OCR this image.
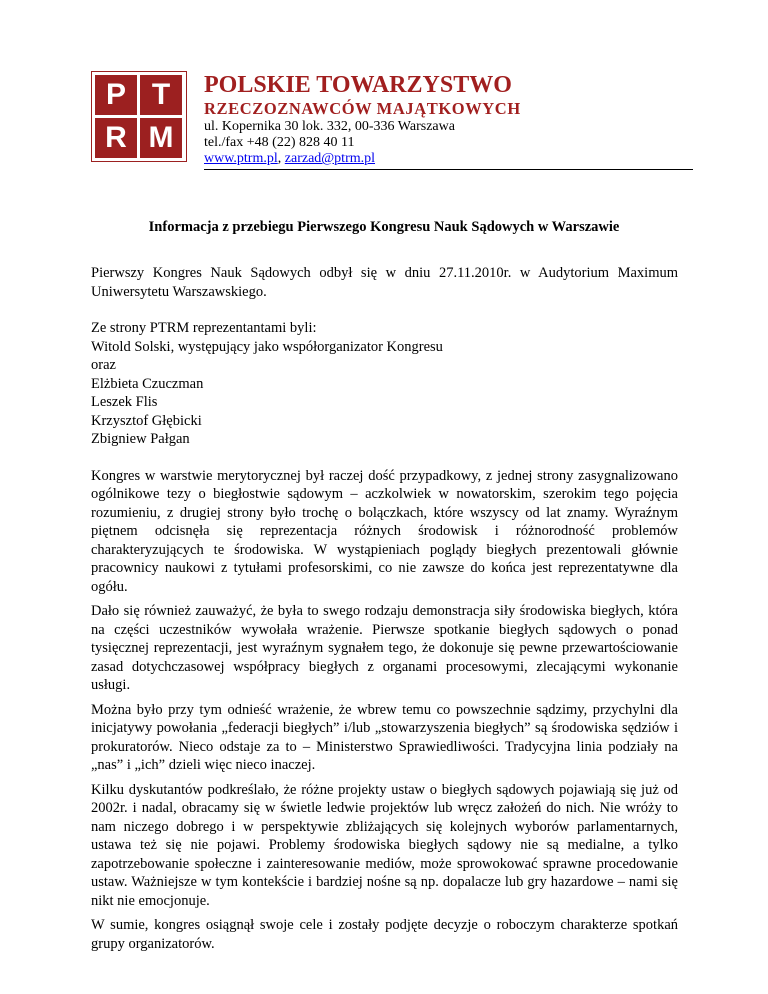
P T
R M
POLSKIE TOWARZYSTWO
RZECZOZNAWCÓW MAJĄTKOWYCH
ul. Kopernika 30 lok. 332, 00-336 Warszawa
tel./fax +48 (22) 828 40 11
www.ptrm.pl, zarzad@ptrm.pl
Informacja z przebiegu Pierwszego Kongresu Nauk Sądowych w Warszawie

Pierwszy Kongres Nauk Sądowych odbył się w dniu 27.11.2010r. w Audytorium Maximum Uniwersytetu Warszawskiego.

Ze strony PTRM reprezentantami byli:
Witold Solski, występujący jako współorganizator Kongresu
oraz
Elżbieta Czuczman
Leszek Flis
Krzysztof Głębicki
Zbigniew Pałgan

Kongres w warstwie merytorycznej był raczej dość przypadkowy, z jednej strony zasygnalizowano ogólnikowe tezy o biegłostwie sądowym – aczkolwiek w nowatorskim, szerokim tego pojęcia rozumieniu, z drugiej strony było trochę o bolączkach, które wszyscy od lat znamy. Wyraźnym piętnem odcisnęła się reprezentacja różnych środowisk i różnorodność problemów charakteryzujących te środowiska. W wystąpieniach poglądy biegłych prezentowali głównie pracownicy naukowi z tytułami profesorskimi, co nie zawsze do końca jest reprezentatywne dla ogółu.

Dało się również zauważyć, że była to swego rodzaju demonstracja siły środowiska biegłych, która na części uczestników wywołała wrażenie. Pierwsze spotkanie biegłych sądowych o ponad tysięcznej reprezentacji, jest wyraźnym sygnałem tego, że dokonuje się pewne przewartościowanie zasad dotychczasowej współpracy biegłych z organami procesowymi, zlecającymi wykonanie usługi.

Można było przy tym odnieść wrażenie, że wbrew temu co powszechnie sądzimy, przychylni dla inicjatywy powołania „federacji biegłych” i/lub „stowarzyszenia biegłych” są środowiska sędziów i prokuratorów. Nieco odstaje za to – Ministerstwo Sprawiedliwości. Tradycyjna linia podziały na „nas” i „ich” dzieli więc nieco inaczej.

Kilku dyskutantów podkreślało, że różne projekty ustaw o biegłych sądowych pojawiają się już od 2002r. i nadal, obracamy się w świetle ledwie projektów lub wręcz założeń do nich. Nie wróży to nam niczego dobrego i w perspektywie zbliżających się kolejnych wyborów parlamentarnych, ustawa też się nie pojawi. Problemy środowiska biegłych sądowy nie są medialne, a tylko zapotrzebowanie społeczne i zainteresowanie mediów, może sprowokować sprawne procedowanie ustaw. Ważniejsze w tym kontekście i bardziej nośne są np. dopalacze lub gry hazardowe – nami się nikt nie emocjonuje.

W sumie, kongres osiągnął swoje cele i zostały podjęte decyzje o roboczym charakterze spotkań grupy organizatorów.
